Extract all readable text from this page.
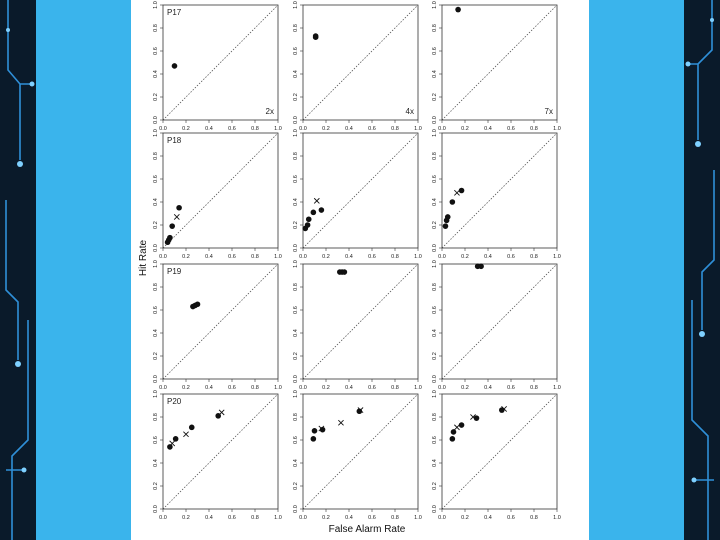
Hit Rate
False Alarm Rate
0.0
0.0
0.2
0.2
0.4
0.4
0.6
0.6
0.8
0.8
1.0
1.0
P17
2x
0.0
0.0
0.2
0.2
0.4
0.4
0.6
0.6
0.8
0.8
1.0
1.0
4x
0.0
0.0
0.2
0.2
0.4
0.4
0.6
0.6
0.8
0.8
1.0
1.0
7x
0.0
0.0
0.2
0.2
0.4
0.4
0.6
0.6
0.8
0.8
1.0
1.0
P18
0.0
0.0
0.2
0.2
0.4
0.4
0.6
0.6
0.8
0.8
1.0
1.0
0.0
0.0
0.2
0.2
0.4
0.4
0.6
0.6
0.8
0.8
1.0
1.0
0.0
0.0
0.2
0.2
0.4
0.4
0.6
0.6
0.8
0.8
1.0
1.0
P19
0.0
0.0
0.2
0.2
0.4
0.4
0.6
0.6
0.8
0.8
1.0
1.0
0.0
0.0
0.2
0.2
0.4
0.4
0.6
0.6
0.8
0.8
1.0
1.0
0.0
0.0
0.2
0.2
0.4
0.4
0.6
0.6
0.8
0.8
1.0
1.0
P20
0.0
0.0
0.2
0.2
0.4
0.4
0.6
0.6
0.8
0.8
1.0
1.0
0.0
0.0
0.2
0.2
0.4
0.4
0.6
0.6
0.8
0.8
1.0
1.0
